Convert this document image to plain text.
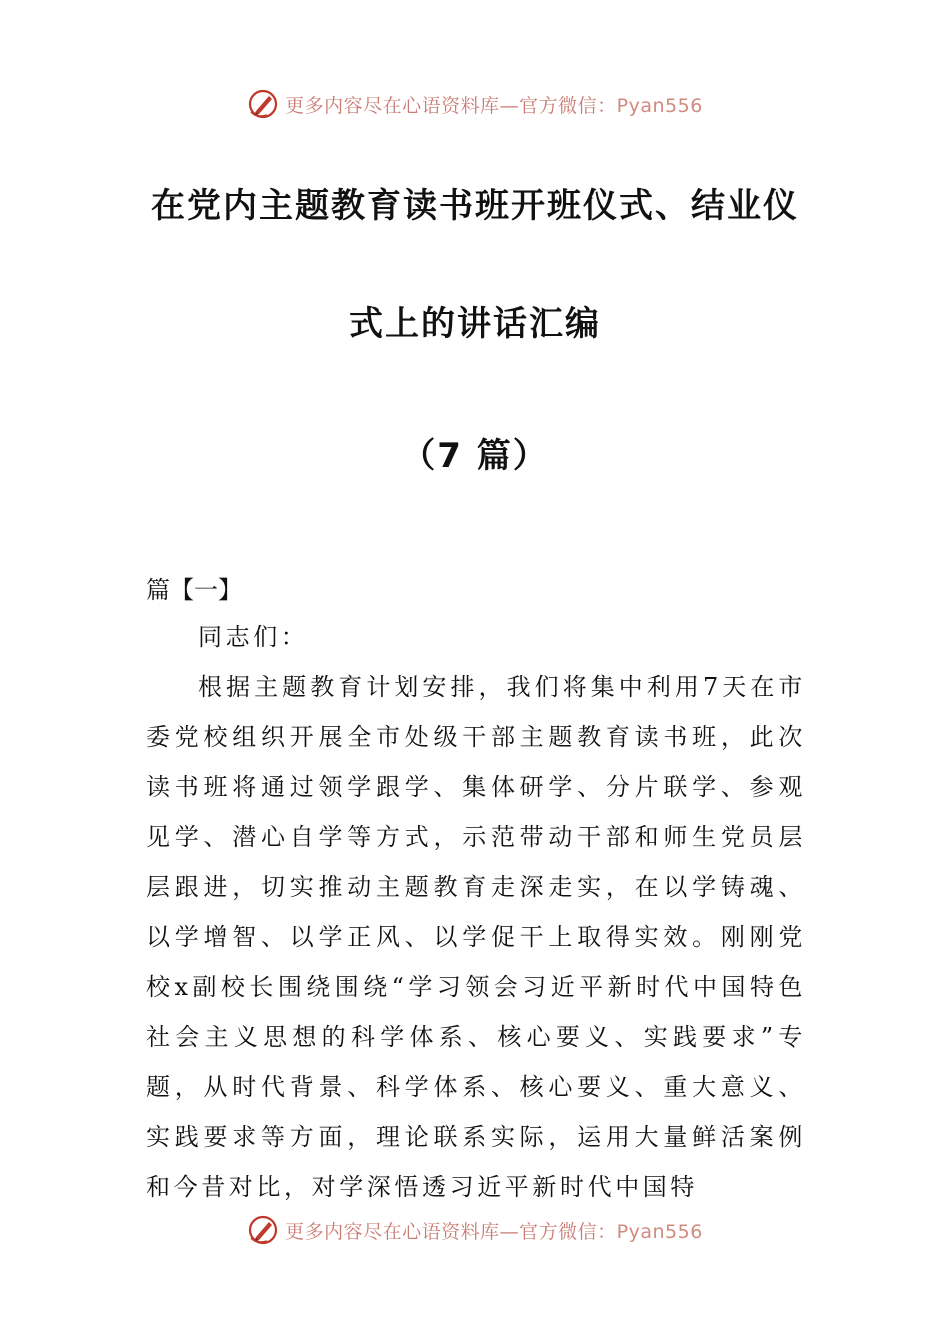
更多内容尽在心语资料库—官方微信：Pyan556
在党内主题教育读书班开班仪式、结业仪
式上的讲话汇编
（7 篇）
篇【一】

同志们：

根据主题教育计划安排，我们将集中利用7天在市委党校组织开展全市处级干部主题教育读书班，此次读书班将通过领学跟学、集体研学、分片联学、参观见学、潜心自学等方式，示范带动干部和师生党员层层跟进，切实推动主题教育走深走实，在以学铸魂、以学增智、以学正风、以学促干上取得实效。刚刚党校x副校长围绕围绕“学习领会习近平新时代中国特色社会主义思想的科学体系、核心要义、实践要求”专题，从时代背景、科学体系、核心要义、重大意义、实践要求等方面，理论联系实际，运用大量鲜活案例和今昔对比，对学深悟透习近平新时代中国特

更多内容尽在心语资料库—官方微信：Pyan556
